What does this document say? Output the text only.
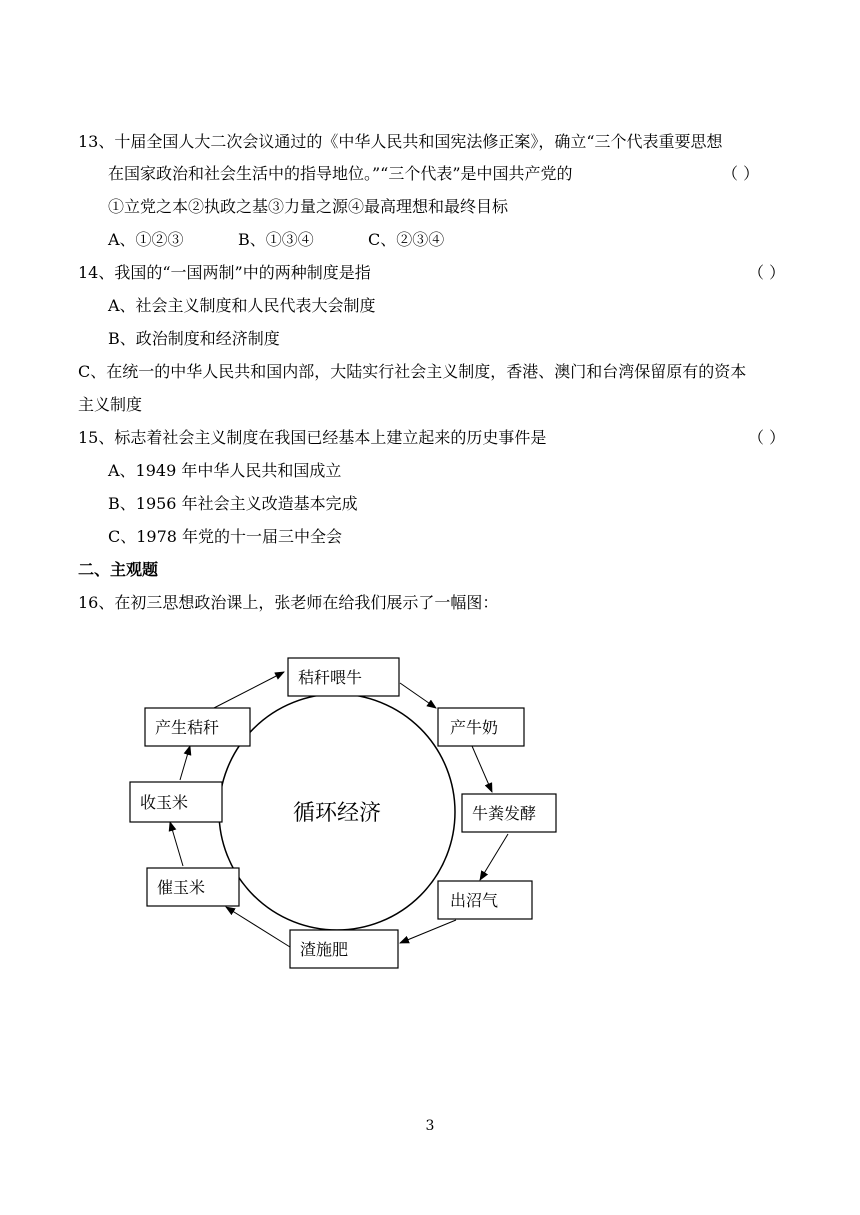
13、十届全国人大二次会议通过的《中华人民共和国宪法修正案》，确立“三个代表重要思想
在国家政治和社会生活中的指导地位。”“三个代表”是中国共产党的	（ ）
①立党之本②执政之基③力量之源④最高理想和最终目标
A、①②③	B、①③④	C、②③④
14、我国的“一国两制”中的两种制度是指	（ ）
A、社会主义制度和人民代表大会制度
B、政治制度和经济制度
C、在统一的中华人民共和国内部，大陆实行社会主义制度，香港、澳门和台湾保留原有的资本
主义制度
15、标志着社会主义制度在我国已经基本上建立起来的历史事件是	（ ）
A、1949 年中华人民共和国成立
B、1956 年社会主义改造基本完成
C、1978 年党的十一届三中全会
二、主观题
16、在初三思想政治课上，张老师在给我们展示了一幅图：
循环经济
秸秆喂牛
产牛奶
牛粪发酵
出沼气
渣施肥
催玉米
收玉米
产生秸秆
3
